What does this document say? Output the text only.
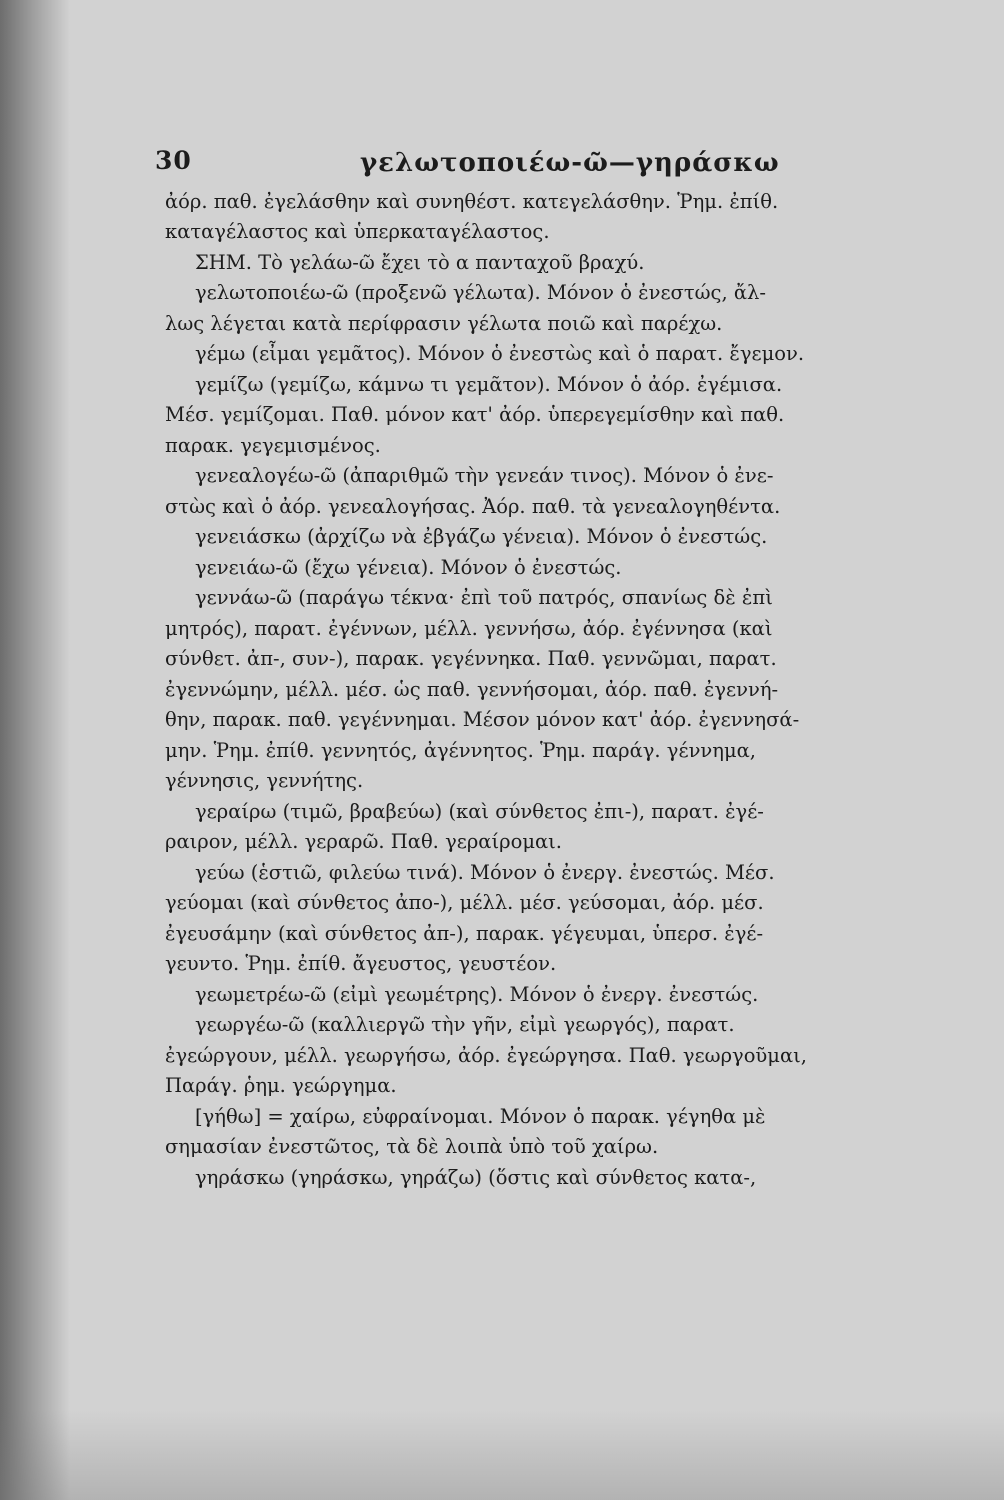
30	γελωτοποιέω-ῶ—γηράσκω
ἀόρ. παθ. ἐγελάσθην καὶ συνηθέστ. κατεγελάσθην. Ῥημ. ἐπίθ.
καταγέλαστος καὶ ὑπερκαταγέλαστος.
ΣΗΜ. Τὸ γελάω-ῶ ἔχει τὸ α πανταχοῦ βραχύ.
γελωτοποιέω-ῶ (προξενῶ γέλωτα). Μόνον ὁ ἐνεστώς, ἄλ-
λως λέγεται κατὰ περίφρασιν γέλωτα ποιῶ καὶ παρέχω.
γέμω (εἶμαι γεμᾶτος). Μόνον ὁ ἐνεστὼς καὶ ὁ παρατ. ἔγεμον.
γεμίζω (γεμίζω, κάμνω τι γεμᾶτον). Μόνον ὁ ἀόρ. ἐγέμισα.
Μέσ. γεμίζομαι. Παθ. μόνον κατ' ἀόρ. ὑπερεγεμίσθην καὶ παθ.
παρακ. γεγεμισμένος.
γενεαλογέω-ῶ (ἀπαριθμῶ τὴν γενεάν τινος). Μόνον ὁ ἐνε-
στὼς καὶ ὁ ἀόρ. γενεαλογήσας. Ἀόρ. παθ. τὰ γενεαλογηθέντα.
γενειάσκω (ἀρχίζω νὰ ἐβγάζω γένεια). Μόνον ὁ ἐνεστώς.
γενειάω-ῶ (ἔχω γένεια). Μόνον ὁ ἐνεστώς.
γεννάω-ῶ (παράγω τέκνα· ἐπὶ τοῦ πατρός, σπανίως δὲ ἐπὶ
μητρός), παρατ. ἐγέννων, μέλλ. γεννήσω, ἀόρ. ἐγέννησα (καὶ
σύνθετ. ἀπ-, συν-), παρακ. γεγέννηκα. Παθ. γεννῶμαι, παρατ.
ἐγεννώμην, μέλλ. μέσ. ὡς παθ. γεννήσομαι, ἀόρ. παθ. ἐγεννή-
θην, παρακ. παθ. γεγέννημαι. Μέσον μόνον κατ' ἀόρ. ἐγεννησά-
μην. Ῥημ. ἐπίθ. γεννητός, ἀγέννητος. Ῥημ. παράγ. γέννημα,
γέννησις, γεννήτης.
γεραίρω (τιμῶ, βραβεύω) (καὶ σύνθετος ἐπι-), παρατ. ἐγέ-
ραιρον, μέλλ. γεραρῶ. Παθ. γεραίρομαι.
γεύω (ἑστιῶ, φιλεύω τινά). Μόνον ὁ ἐνεργ. ἐνεστώς. Μέσ.
γεύομαι (καὶ σύνθετος ἀπο-), μέλλ. μέσ. γεύσομαι, ἀόρ. μέσ.
ἐγευσάμην (καὶ σύνθετος ἀπ-), παρακ. γέγευμαι, ὑπερσ. ἐγέ-
γευντο. Ῥημ. ἐπίθ. ἄγευστος, γευστέον.
γεωμετρέω-ῶ (εἰμὶ γεωμέτρης). Μόνον ὁ ἐνεργ. ἐνεστώς.
γεωργέω-ῶ (καλλιεργῶ τὴν γῆν, εἰμὶ γεωργός), παρατ.
ἐγεώργουν, μέλλ. γεωργήσω, ἀόρ. ἐγεώργησα. Παθ. γεωργοῦμαι,
Παράγ. ῥημ. γεώργημα.
[γήθω] = χαίρω, εὐφραίνομαι. Μόνον ὁ παρακ. γέγηθα μὲ
σημασίαν ἐνεστῶτος, τὰ δὲ λοιπὰ ὑπὸ τοῦ χαίρω.
γηράσκω (γηράσκω, γηράζω) (ὅστις καὶ σύνθετος κατα-,
